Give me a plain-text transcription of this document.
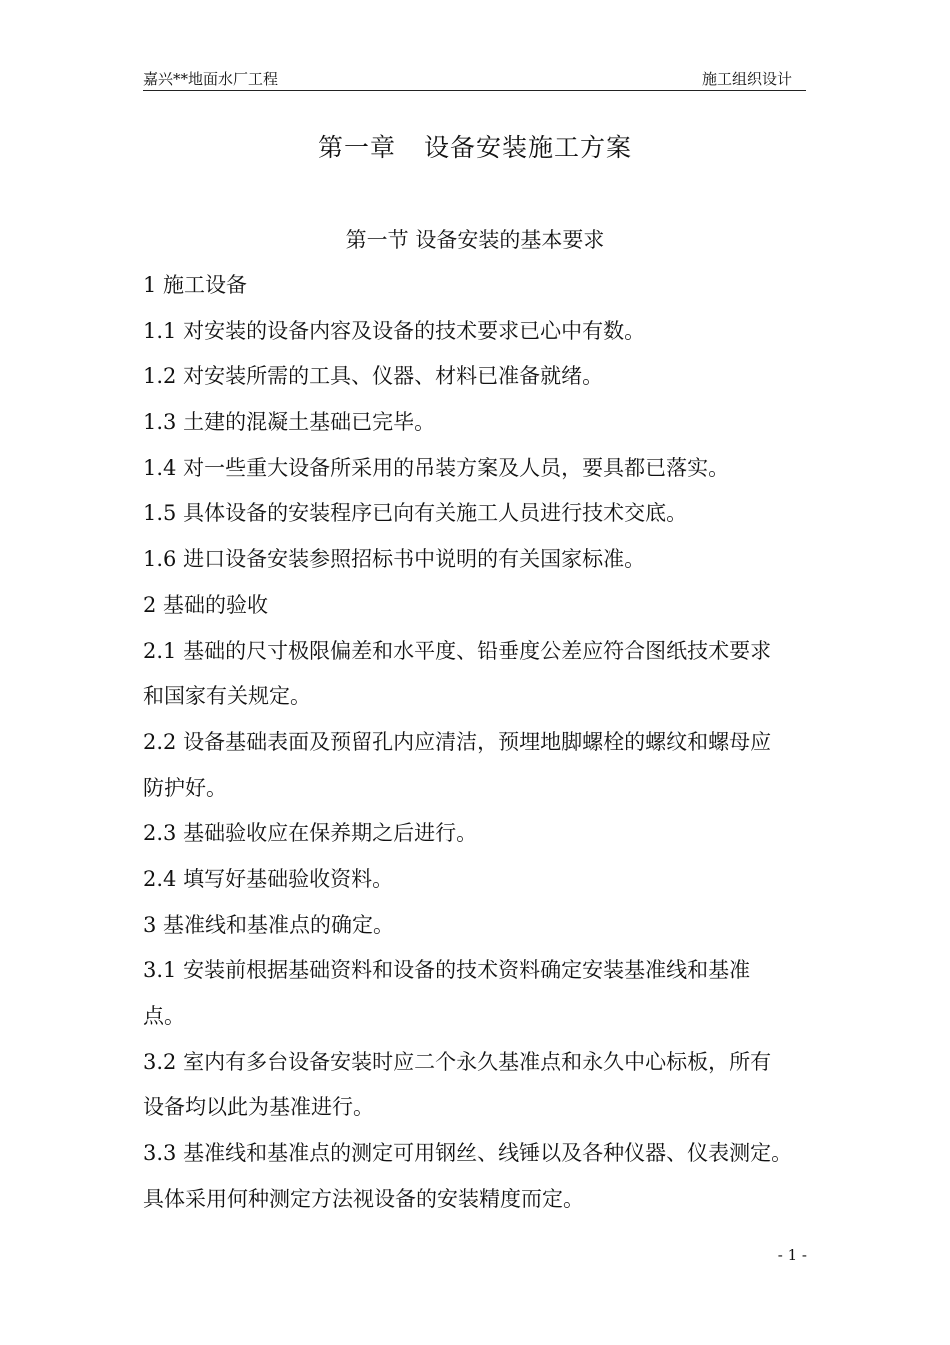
嘉兴**地面水厂工程	施工组织设计
第一章 设备安装施工方案
第一节 设备安装的基本要求
1 施工设备
1.1 对安装的设备内容及设备的技术要求已心中有数。
1.2 对安装所需的工具、仪器、材料已准备就绪。
1.3 土建的混凝土基础已完毕。
1.4 对一些重大设备所采用的吊装方案及人员，要具都已落实。
1.5 具体设备的安装程序已向有关施工人员进行技术交底。
1.6 进口设备安装参照招标书中说明的有关国家标准。
2 基础的验收
2.1 基础的尺寸极限偏差和水平度、铅垂度公差应符合图纸技术要求
和国家有关规定。
2.2 设备基础表面及预留孔内应清洁，预埋地脚螺栓的螺纹和螺母应
防护好。
2.3 基础验收应在保养期之后进行。
2.4 填写好基础验收资料。
3 基准线和基准点的确定。
3.1 安装前根据基础资料和设备的技术资料确定安装基准线和基准
点。
3.2 室内有多台设备安装时应二个永久基准点和永久中心标板，所有
设备均以此为基准进行。
3.3 基准线和基准点的测定可用钢丝、线锤以及各种仪器、仪表测定。
具体采用何种测定方法视设备的安装精度而定。
- 1 -
